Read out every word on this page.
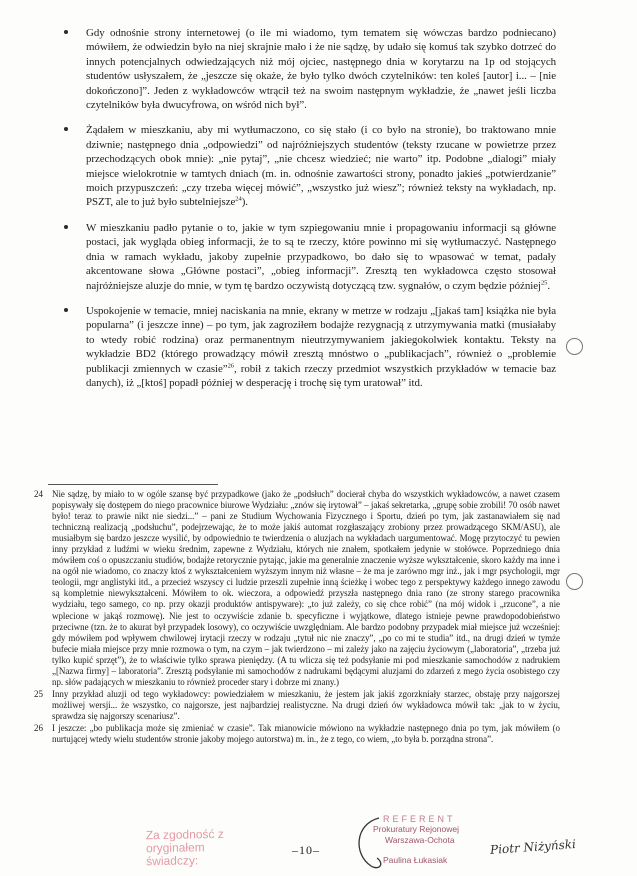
Gdy odnośnie strony internetowej (o ile mi wiadomo, tym tematem się wówczas bardzo podniecano) mówiłem, że odwiedzin było na niej skrajnie mało i że nie sądzę, by udało się komuś tak szybko dotrzeć do innych potencjalnych odwiedzających niż mój ojciec, następnego dnia w korytarzu na 1p od stojących studentów usłyszałem, że „jeszcze się okaże, że było tylko dwóch czytelników: ten koleś [autor] i... – [nie dokończono]”. Jeden z wykładowców wtrącił też na swoim następnym wykładzie, że „nawet jeśli liczba czytelników była dwucyfrowa, on wśród nich był”.
Żądałem w mieszkaniu, aby mi wytłumaczono, co się stało (i co było na stronie), bo traktowano mnie dziwnie; następnego dnia „odpowiedzi” od najróżniejszych studentów (teksty rzucane w powietrze przez przechodzących obok mnie): „nie pytaj”, „nie chcesz wiedzieć; nie warto” itp. Podobne „dialogi” miały miejsce wielokrotnie w tamtych dniach (m. in. odnośnie zawartości strony, ponadto jakieś „potwierdzanie” moich przypuszczeń: „czy trzeba więcej mówić”, „wszystko już wiesz”; również teksty na wykładach, np. PSZT, ale to już było subtelniejsze$^{24}$).
W mieszkaniu padło pytanie o to, jakie w tym szpiegowaniu mnie i propagowaniu informacji są główne postaci, jak wygląda obieg informacji, że to są te rzeczy, które powinno mi się wytłumaczyć. Następnego dnia w ramach wykładu, jakoby zupełnie przypadkowo, bo dało się to wpasować w temat, padały akcentowane słowa „Główne postaci”, „obieg informacji”. Zresztą ten wykładowca często stosował najróżniejsze aluzje do mnie, w tym tę bardzo oczywistą dotyczącą tzw. sygnałów, o czym będzie później$^{25}$.
Uspokojenie w temacie, mniej naciskania na mnie, ekrany w metrze w rodzaju „[jakaś tam] książka nie była popularna” (i jeszcze inne) – po tym, jak zagroziłem bodajże rezygnacją z utrzymywania matki (musiałaby to wtedy robić rodzina) oraz permanentnym nieutrzymywaniem jakiegokolwiek kontaktu. Teksty na wykładzie BD2 (którego prowadzący mówił zresztą mnóstwo o „publikacjach”, również o „problemie publikacji zmiennych w czasie”$^{26}$, robił z takich rzeczy przedmiot wszystkich przykładów w temacie baz danych), iż „[ktoś] popadł później w desperację i trochę się tym uratował” itd.
24 Nie sądzę, by miało to w ogóle szansę być przypadkowe (jako że „podsłuch” docierał chyba do wszystkich wykładowców, a nawet czasem popisywały się dostępem do niego pracownice biurowe Wydziału: „znów się irytował” – jakaś sekretarka, „grupę sobie zrobili! 70 osób nawet było! teraz to prawie nikt nie siedzi...” – pani ze Studium Wychowania Fizycznego i Sportu, dzień po tym, jak zastanawiałem się nad techniczną realizacją „podsłuchu”, podejrzewając, że to może jakiś automat rozgłaszający zrobiony przez prowadzącego SKM/ASU), ale musiałbym się bardzo jeszcze wysilić, by odpowiednio te twierdzenia o aluzjach na wykładach uargumentować. Mogę przytoczyć tu pewien inny przykład z ludźmi w wieku średnim, zapewne z Wydziału, których nie znałem, spotkałem jedynie w stołówce. Poprzedniego dnia mówiłem coś o opuszczaniu studiów, bodajże retorycznie pytając, jakie ma generalnie znaczenie wyższe wykształcenie, skoro każdy ma inne i na ogół nie wiadomo, co znaczy ktoś z wykształceniem wyższym innym niż własne – że ma je zarówno mgr inż., jak i mgr psychologii, mgr teologii, mgr anglistyki itd., a przecież wszyscy ci ludzie przeszli zupełnie inną ścieżkę i wobec tego z perspektywy każdego innego zawodu są kompletnie niewykształceni. Mówiłem to ok. wieczora, a odpowiedź przyszła następnego dnia rano (ze strony starego pracownika wydziału, tego samego, co np. przy okazji produktów antispyware): „to już zależy, co się chce robić” (na mój widok i „rzucone”, a nie wplecione w jakąś rozmowę). Nie jest to oczywiście zdanie b. specyficzne i wyjątkowe, dlatego istnieje pewne prawdopodobieństwo przeciwne (tzn. że to akurat był przypadek losowy), co oczywiście uwzględniam. Ale bardzo podobny przypadek miał miejsce już wcześniej: gdy mówiłem pod wpływem chwilowej irytacji rzeczy w rodzaju „tytuł nic nie znaczy”, „po co mi te studia” itd., na drugi dzień w tymże bufecie miała miejsce przy mnie rozmowa o tym, na czym – jak twierdzono – mi zależy jako na zajęciu życiowym („laboratoria”, „trzeba już tylko kupić sprzęt”), że to właściwie tylko sprawa pieniędzy. (A tu wlicza się też podsyłanie mi pod mieszkanie samochodów z nadrukiem „[Nazwa firmy] – laboratoria”. Zresztą podsyłanie mi samochodów z nadrukami będącymi aluzjami do zdarzeń z mego życia osobistego czy np. słów padających w mieszkaniu to również proceder stary i dobrze mi znany.)
25 Inny przykład aluzji od tego wykładowcy: powiedziałem w mieszkaniu, że jestem jak jakiś zgorzkniały starzec, obstaję przy najgorszej możliwej wersji... że wszystko, co najgorsze, jest najbardziej realistyczne. Na drugi dzień ów wykładowca mówił tak: „jak to w życiu, sprawdza się najgorszy scenariusz”.
26 I jeszcze: „bo publikacja może się zmieniać w czasie”. Tak mianowicie mówiono na wykładzie następnego dnia po tym, jak mówiłem (o nurtującej wtedy wielu studentów stronie jakoby mojego autorstwa) m. in., że z tego, co wiem, „to była b. porządna strona”.
Za zgodność z oryginałem
świadczy:
–10–
REFERENT
Prokuratury Rejonowej
Warszawa-Ochota
Paulina Łukasiak
Piotr Niżyński
